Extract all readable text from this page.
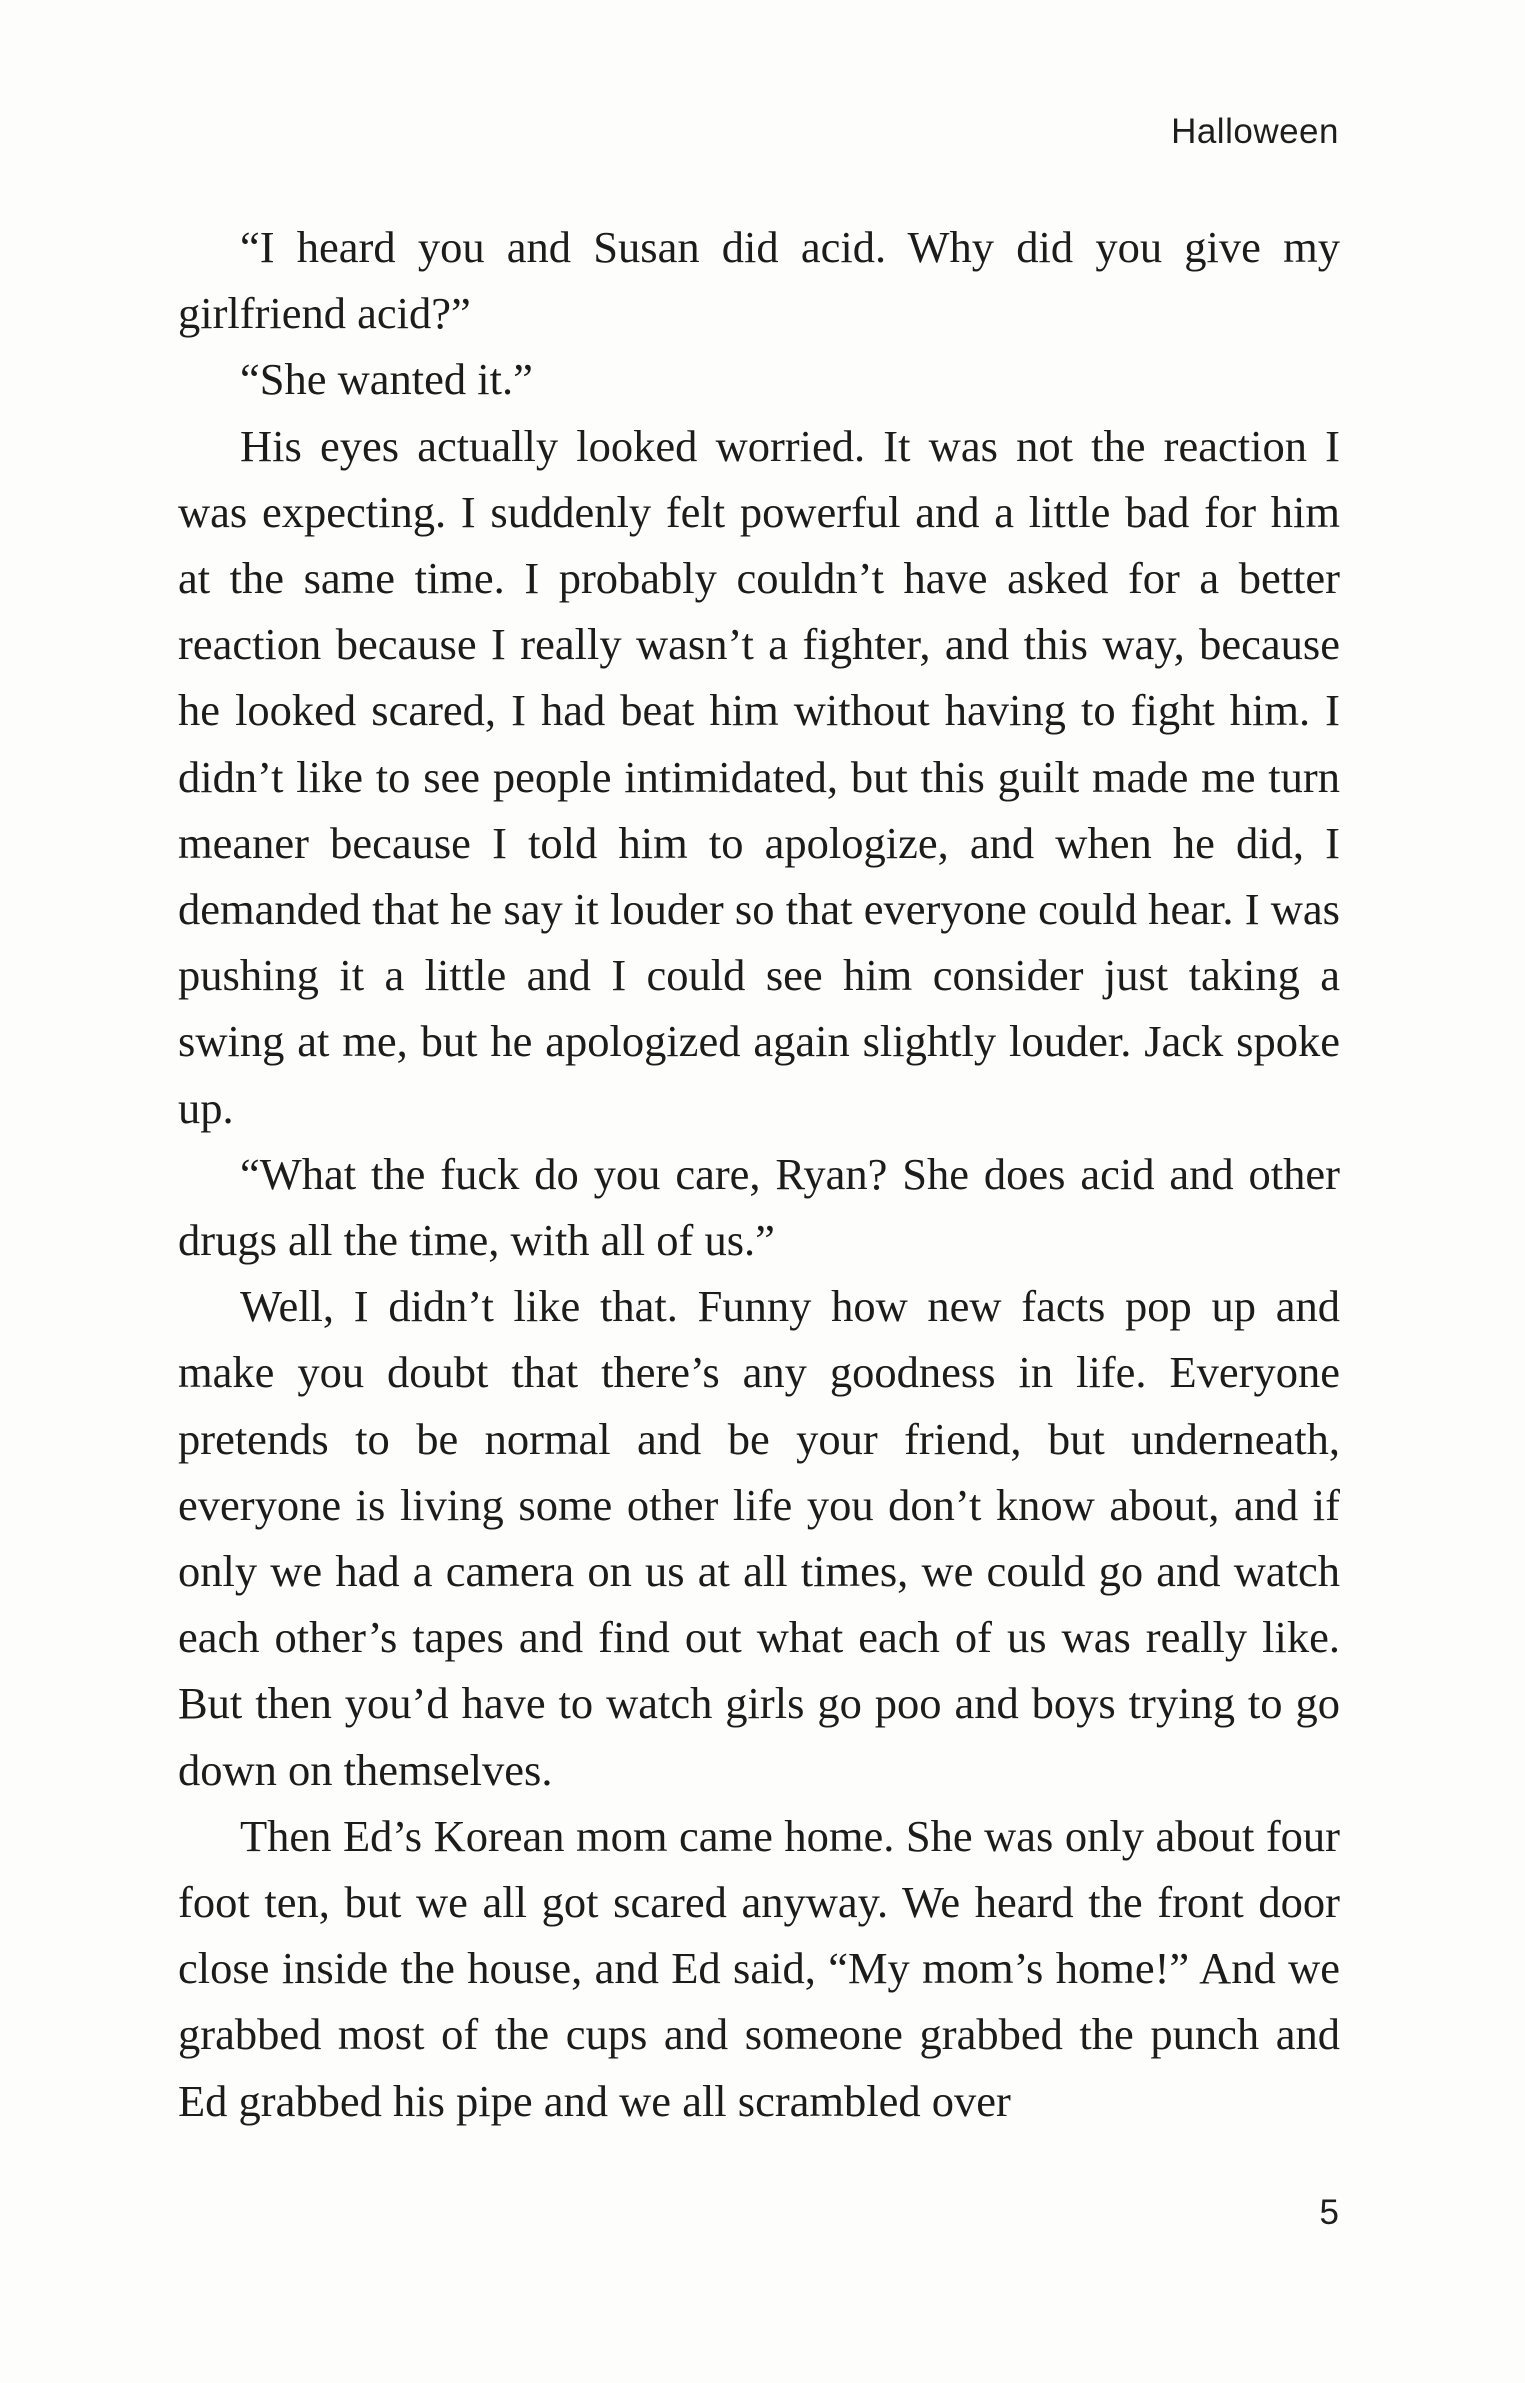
Halloween

“I heard you and Susan did acid. Why did you give my girlfriend acid?”

“She wanted it.”

His eyes actually looked worried. It was not the reaction I was expecting. I suddenly felt powerful and a little bad for him at the same time. I probably couldn’t have asked for a better reaction because I really wasn’t a fighter, and this way, because he looked scared, I had beat him without having to fight him. I didn’t like to see people intimidated, but this guilt made me turn meaner because I told him to apologize, and when he did, I demanded that he say it louder so that everyone could hear. I was pushing it a little and I could see him consider just taking a swing at me, but he apologized again slightly louder. Jack spoke up.

“What the fuck do you care, Ryan? She does acid and other drugs all the time, with all of us.”

Well, I didn’t like that. Funny how new facts pop up and make you doubt that there’s any goodness in life. Everyone pretends to be normal and be your friend, but underneath, everyone is living some other life you don’t know about, and if only we had a camera on us at all times, we could go and watch each other’s tapes and find out what each of us was really like. But then you’d have to watch girls go poo and boys trying to go down on themselves.

Then Ed’s Korean mom came home. She was only about four foot ten, but we all got scared anyway. We heard the front door close inside the house, and Ed said, “My mom’s home!” And we grabbed most of the cups and someone grabbed the punch and Ed grabbed his pipe and we all scrambled over

5
